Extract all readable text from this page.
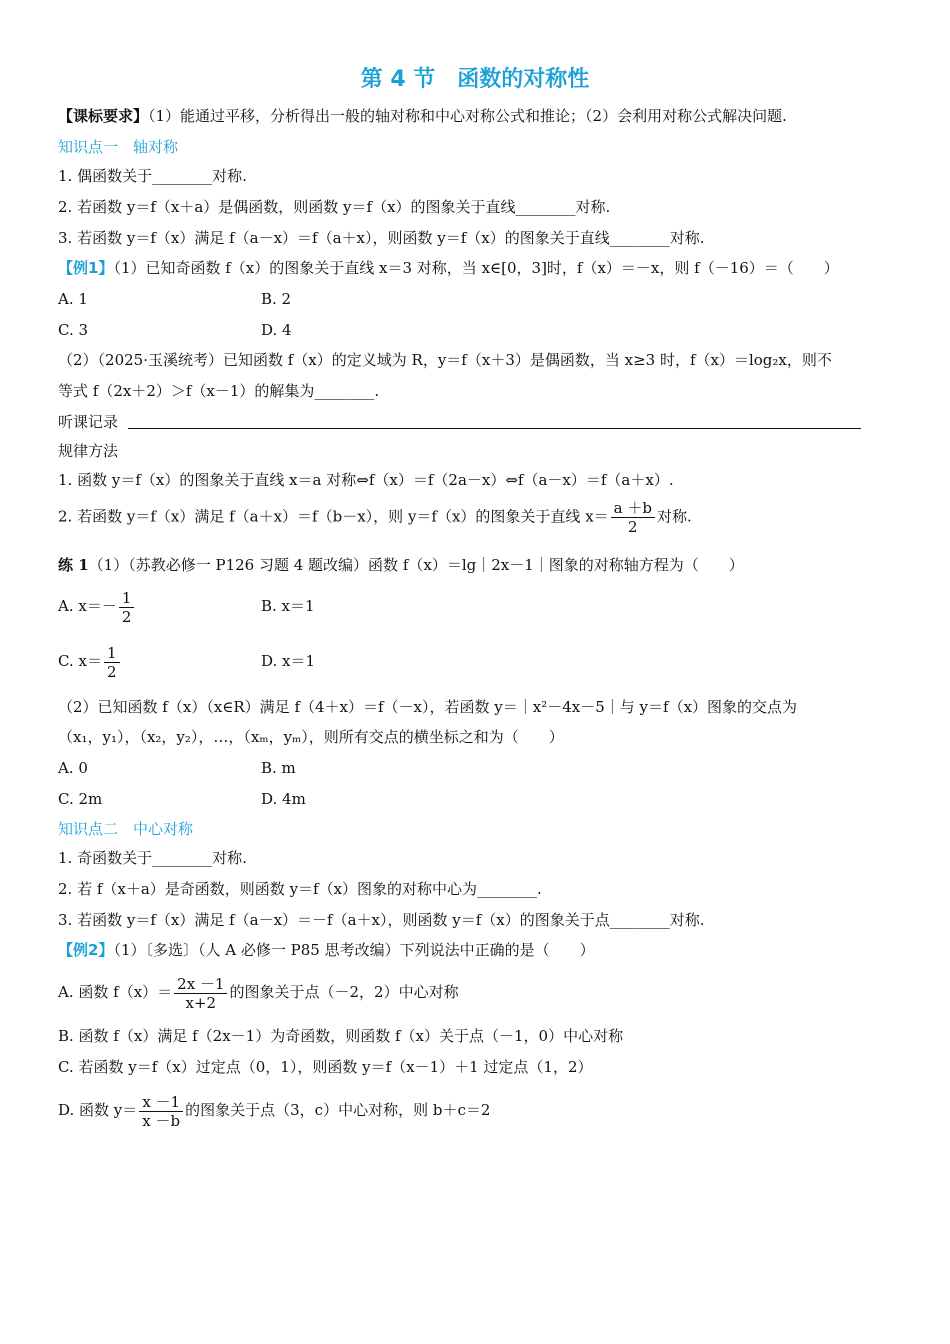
第 4 节　函数的对称性
【课标要求】（1）能通过平移，分析得出一般的轴对称和中心对称公式和推论；（2）会利用对称公式解决问题.
知识点一　轴对称
1. 偶函数关于________对称.
2. 若函数 y＝f（x＋a）是偶函数，则函数 y＝f（x）的图象关于直线________对称.
3. 若函数 y＝f（x）满足 f（a－x）＝f（a＋x），则函数 y＝f（x）的图象关于直线________对称.
【例1】（1）已知奇函数 f（x）的图象关于直线 x＝3 对称，当 x∈[0，3]时，f（x）＝－x，则 f（－16）＝（　　）
A. 1	B. 2
C. 3	D. 4
（2）（2025·玉溪统考）已知函数 f（x）的定义域为 R，y＝f（x＋3）是偶函数，当 x≥3 时，f（x）＝log₂x，则不
等式 f（2x＋2）＞f（x－1）的解集为________.
听课记录
规律方法
1. 函数 y＝f（x）的图象关于直线 x＝a 对称⇔f（x）＝f（2a－x）⇔f（a－x）＝f（a＋x）.
2. 若函数 y＝f（x）满足 f（a＋x）＝f（b－x），则 y＝f（x）的图象关于直线 $x= \frac{a +b}{2}$ 对称.
练 1（1）（苏教必修一 P126 习题 4 题改编）函数 f（x）＝lg｜2x－1｜图象的对称轴方程为（　　）
A. $x=- \frac{1}{2}$	B. x＝1
C. $x= \frac{1}{2}$	D. x＝1
（2）已知函数 f（x）（x∈R）满足 f（4＋x）＝f（－x），若函数 y＝｜x²－4x－5｜与 y＝f（x）图象的交点为
（x₁，y₁），（x₂，y₂），…，（xₘ，yₘ），则所有交点的横坐标之和为（　　）
A. 0	B. m
C. 2m	D. 4m
知识点二　中心对称
1. 奇函数关于________对称.
2. 若 f（x＋a）是奇函数，则函数 y＝f（x）图象的对称中心为________.
3. 若函数 y＝f（x）满足 f（a－x）＝－f（a＋x），则函数 y＝f（x）的图象关于点________对称.
【例2】（1）〔多选〕（人 A 必修一 P85 思考改编）下列说法中正确的是（　　）
A. 函数 $f(x)= \frac{2x -1}{x+2}$ 的图象关于点（－2，2）中心对称
B. 函数 f（x）满足 f（2x－1）为奇函数，则函数 f（x）关于点（－1，0）中心对称
C. 若函数 y＝f（x）过定点（0，1），则函数 y＝f（x－1）＋1 过定点（1，2）
D. 函数 $y= \frac{x -1}{x -b}$ 的图象关于点（3，c）中心对称，则 b＋c＝2
